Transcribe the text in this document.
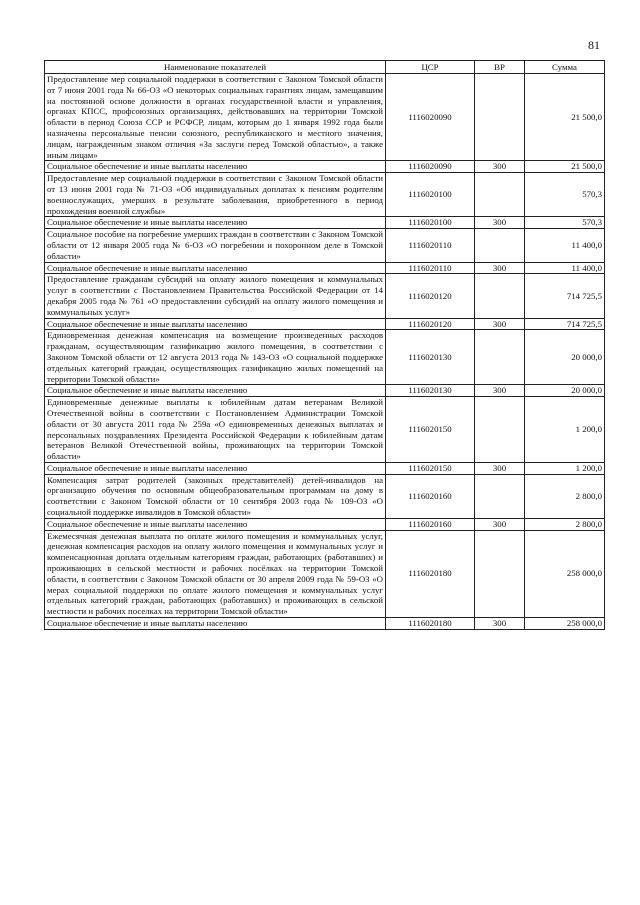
81
Наименование показателей	ЦСР	ВР	Сумма
Предоставление мер социальной поддержки в соответствии с Законом Томской области от 7 июня 2001 года № 66-ОЗ «О некоторых социальных гарантиях лицам, замещавшим на постоянной основе должности в органах государственной власти и управления, органах КПСС, профсоюзных организациях, действовавших на территории Томской области в период Союза ССР и РСФСР, лицам, которым до 1 января 1992 года были назначены персональные пенсии союзного, республиканского и местного значения, лицам, награжденным знаком отличия «За заслуги перед Томской областью», а также иным лицам»	1116020090		21 500,0
Социальное обеспечение и иные выплаты населению	1116020090	300	21 500,0
Предоставление мер социальной поддержки в соответствии с Законом Томской области от 13 июня 2001 года № 71-ОЗ «Об индивидуальных доплатах к пенсиям родителям военнослужащих, умерших в результате заболевания, приобретенного в период прохождения военной службы»	1116020100		570,3
Социальное обеспечение и иные выплаты населению	1116020100	300	570,3
Социальное пособие на погребение умерших граждан в соответствии с Законом Томской области от 12 января 2005 года № 6-ОЗ «О погребении и похоронном деле в Томской области»	1116020110		11 400,0
Социальное обеспечение и иные выплаты населению	1116020110	300	11 400,0
Предоставление гражданам субсидий на оплату жилого помещения и коммунальных услуг в соответствии с Постановлением Правительства Российской Федерации от 14 декабря 2005 года № 761 «О предоставлении субсидий на оплату жилого помещения и коммунальных услуг»	1116020120		714 725,5
Социальное обеспечение и иные выплаты населению	1116020120	300	714 725,5
Единовременная денежная компенсация на возмещение произведенных расходов гражданам, осуществляющим газификацию жилого помещения, в соответствии с Законом Томской области от 12 августа 2013 года № 143-ОЗ «О социальной поддержке отдельных категорий граждан, осуществляющих газификацию жилых помещений на территории Томской области»	1116020130		20 000,0
Социальное обеспечение и иные выплаты населению	1116020130	300	20 000,0
Единовременные денежные выплаты к юбилейным датам ветеранам Великой Отечественной войны в соответствии с Постановлением Администрации Томской области от 30 августа 2011 года № 259а «О единовременных денежных выплатах и персональных поздравлениях Президента Российской Федерации к юбилейным датам ветеранов Великой Отечественной войны, проживающих на территории Томской области»	1116020150		1 200,0
Социальное обеспечение и иные выплаты населению	1116020150	300	1 200,0
Компенсация затрат родителей (законных представителей) детей-инвалидов на организацию обучения по основным общеобразовательным программам на дому в соответствии с Законом Томской области от 10 сентября 2003 года № 109-ОЗ «О социальной поддержке инвалидов в Томской области»	1116020160		2 800,0
Социальное обеспечение и иные выплаты населению	1116020160	300	2 800,0
Ежемесячная денежная выплата по оплате жилого помещения и коммунальных услуг, денежная компенсация расходов на оплату жилого помещения и коммунальных услуг и компенсационная доплата отдельным категориям граждан, работающих (работавших) и проживающих в сельской местности и рабочих посёлках на территории Томской области, в соответствии с Законом Томской области от 30 апреля 2009 года № 59-ОЗ «О мерах социальной поддержки по оплате жилого помещения и коммунальных услуг отдельных категорий граждан, работающих (работавших) и проживающих в сельской местности и рабочих поселках на территории Томской области»	1116020180		258 000,0
Социальное обеспечение и иные выплаты населению	1116020180	300	258 000,0
